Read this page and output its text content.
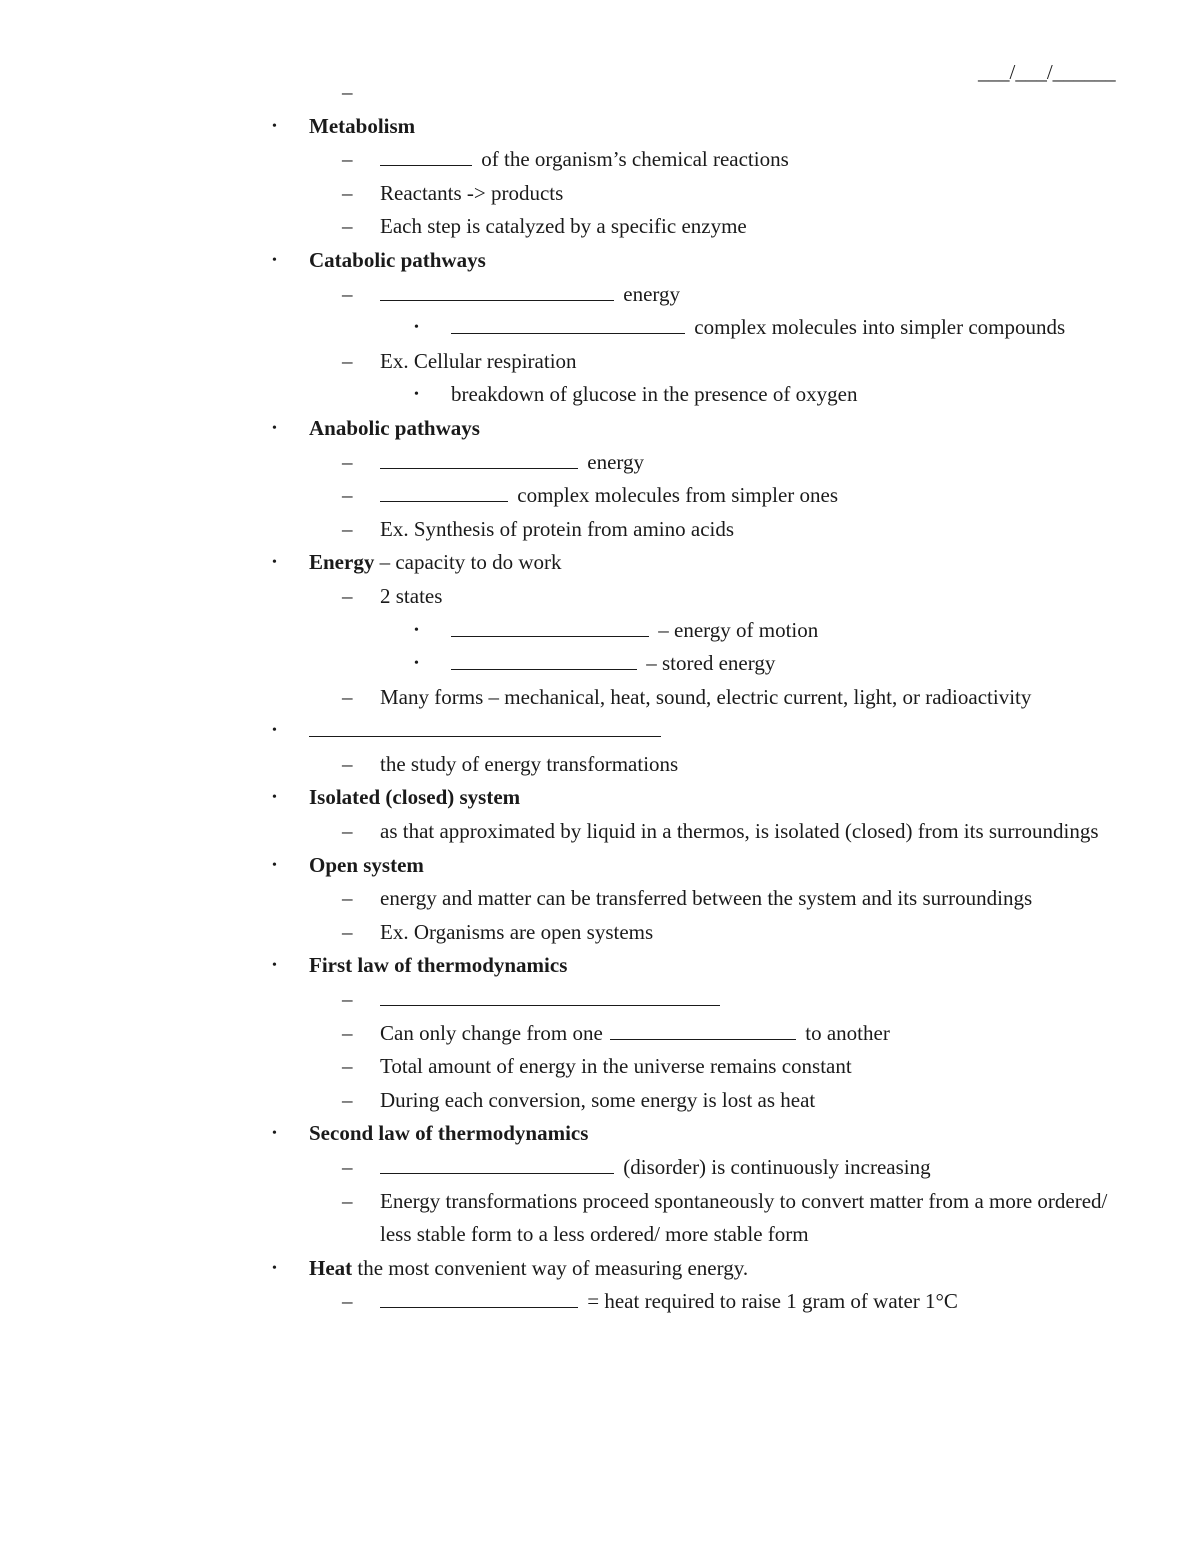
___/___/______
–
• Metabolism
–	of the organism’s chemical reactions
– Reactants -> products
– Each step is catalyzed by a specific enzyme
• Catabolic pathways
–	energy
•	complex molecules into simpler compounds
– Ex. Cellular respiration
• breakdown of glucose in the presence of oxygen
• Anabolic pathways
–	energy
–	complex molecules from simpler ones
– Ex. Synthesis of protein from amino acids
• Energy – capacity to do work
– 2 states
•	– energy of motion
•	– stored energy
– Many forms – mechanical, heat, sound, electric current, light, or radioactivity
•
– the study of energy transformations
• Isolated (closed) system
– as that approximated by liquid in a thermos, is isolated (closed) from its surroundings
• Open system
– energy and matter can be transferred between the system and its surroundings
– Ex. Organisms are open systems
• First law of thermodynamics
–
– Can only change from one	to another
– Total amount of energy in the universe remains constant
– During each conversion, some energy is lost as heat
• Second law of thermodynamics
–	(disorder) is continuously increasing
– Energy transformations proceed spontaneously to convert matter from a more ordered/ less stable form to a less ordered/ more stable form
• Heat the most convenient way of measuring energy.
–	= heat required to raise 1 gram of water 1°C
